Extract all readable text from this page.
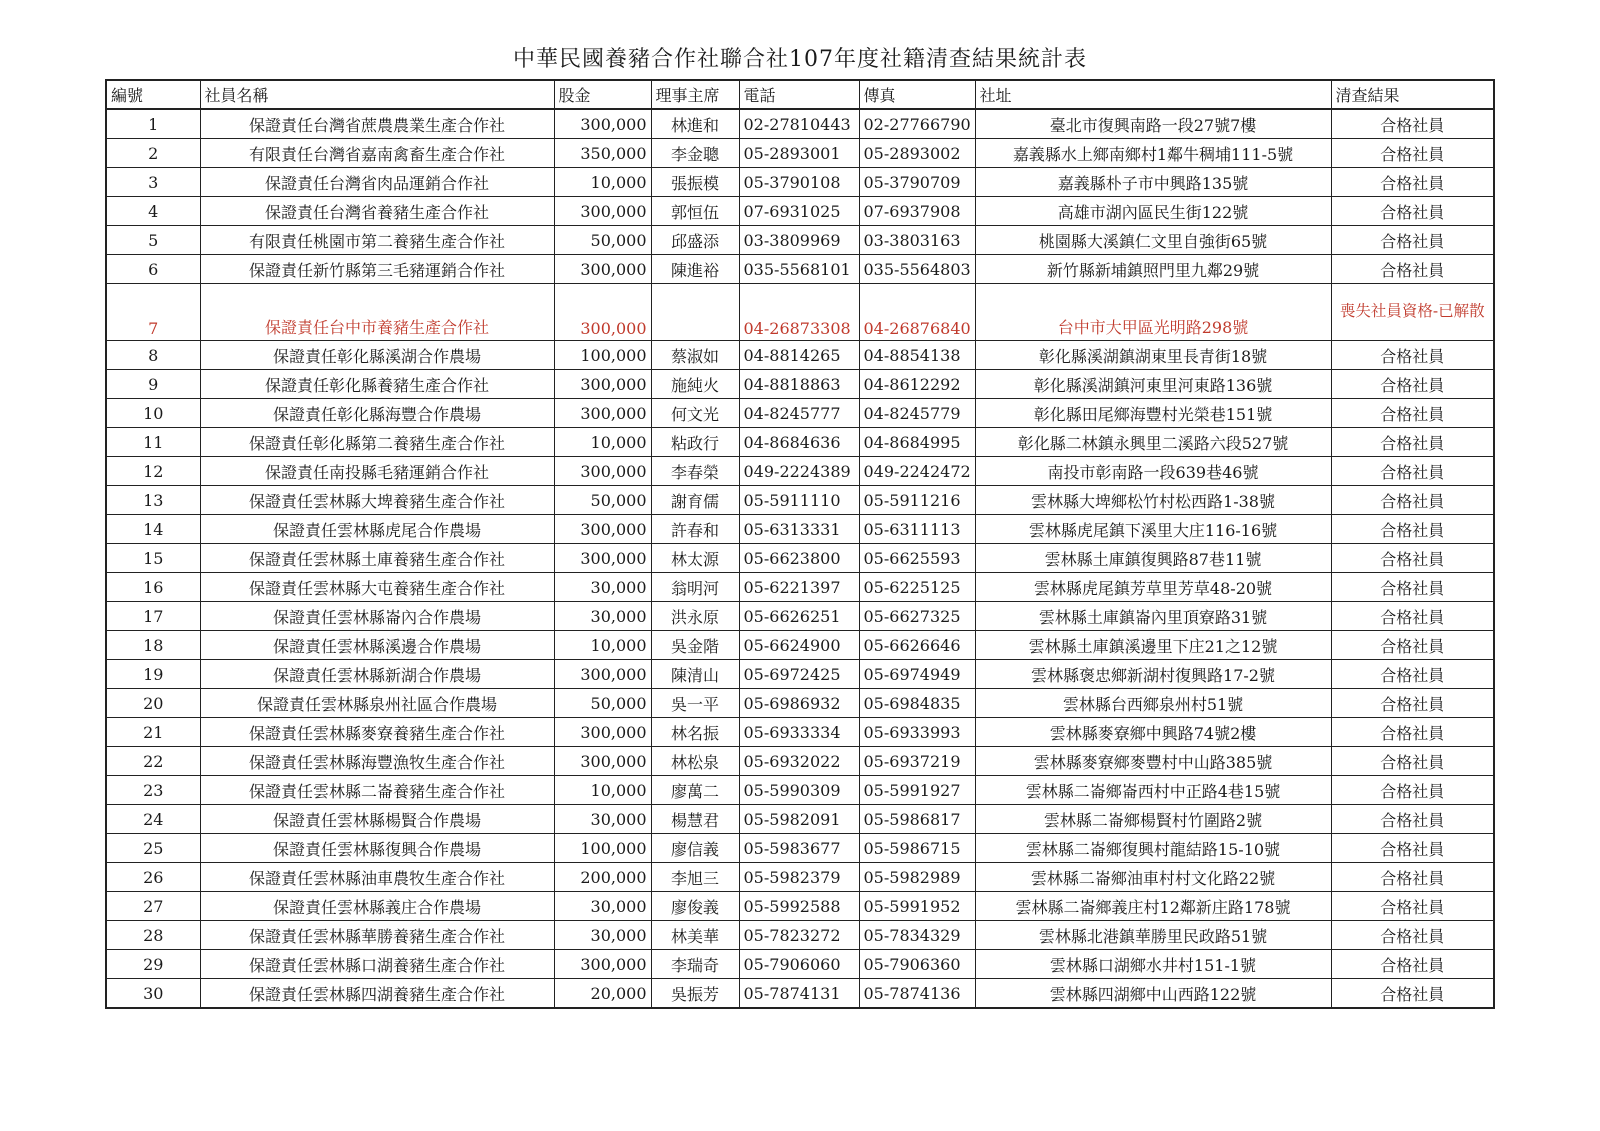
中華民國養豬合作社聯合社107年度社籍清查結果統計表
編號	社員名稱	股金	理事主席	電話	傳真	社址	清查結果
1	保證責任台灣省蔗農農業生產合作社	300,000	林進和	02-27810443	02-27766790	臺北市復興南路一段27號7樓	合格社員
2	有限責任台灣省嘉南禽畜生產合作社	350,000	李金聰	05-2893001	05-2893002	嘉義縣水上鄉南鄉村1鄰牛稠埔111-5號	合格社員
3	保證責任台灣省肉品運銷合作社	10,000	張振模	05-3790108	05-3790709	嘉義縣朴子市中興路135號	合格社員
4	保證責任台灣省養豬生產合作社	300,000	郭恒伍	07-6931025	07-6937908	高雄市湖內區民生街122號	合格社員
5	有限責任桃園市第二養豬生產合作社	50,000	邱盛添	03-3809969	03-3803163	桃園縣大溪鎮仁文里自強街65號	合格社員
6	保證責任新竹縣第三毛豬運銷合作社	300,000	陳進裕	035-5568101	035-5564803	新竹縣新埔鎮照門里九鄰29號	合格社員
7	保證責任台中市養豬生產合作社	300,000		04-26873308	04-26876840	台中市大甲區光明路298號	喪失社員資格-已解散
8	保證責任彰化縣溪湖合作農場	100,000	蔡淑如	04-8814265	04-8854138	彰化縣溪湖鎮湖東里長青街18號	合格社員
9	保證責任彰化縣養豬生產合作社	300,000	施純火	04-8818863	04-8612292	彰化縣溪湖鎮河東里河東路136號	合格社員
10	保證責任彰化縣海豐合作農場	300,000	何文光	04-8245777	04-8245779	彰化縣田尾鄉海豐村光榮巷151號	合格社員
11	保證責任彰化縣第二養豬生產合作社	10,000	粘政行	04-8684636	04-8684995	彰化縣二林鎮永興里二溪路六段527號	合格社員
12	保證責任南投縣毛豬運銷合作社	300,000	李春榮	049-2224389	049-2242472	南投市彰南路一段639巷46號	合格社員
13	保證責任雲林縣大埤養豬生產合作社	50,000	謝育儒	05-5911110	05-5911216	雲林縣大埤鄉松竹村松西路1-38號	合格社員
14	保證責任雲林縣虎尾合作農場	300,000	許春和	05-6313331	05-6311113	雲林縣虎尾鎮下溪里大庄116-16號	合格社員
15	保證責任雲林縣土庫養豬生產合作社	300,000	林太源	05-6623800	05-6625593	雲林縣土庫鎮復興路87巷11號	合格社員
16	保證責任雲林縣大屯養豬生產合作社	30,000	翁明河	05-6221397	05-6225125	雲林縣虎尾鎮芳草里芳草48-20號	合格社員
17	保證責任雲林縣崙內合作農場	30,000	洪永原	05-6626251	05-6627325	雲林縣土庫鎮崙內里頂寮路31號	合格社員
18	保證責任雲林縣溪邊合作農場	10,000	吳金階	05-6624900	05-6626646	雲林縣土庫鎮溪邊里下庄21之12號	合格社員
19	保證責任雲林縣新湖合作農場	300,000	陳清山	05-6972425	05-6974949	雲林縣褒忠鄉新湖村復興路17-2號	合格社員
20	保證責任雲林縣泉州社區合作農場	50,000	吳一平	05-6986932	05-6984835	雲林縣台西鄉泉州村51號	合格社員
21	保證責任雲林縣麥寮養豬生產合作社	300,000	林名振	05-6933334	05-6933993	雲林縣麥寮鄉中興路74號2樓	合格社員
22	保證責任雲林縣海豐漁牧生產合作社	300,000	林松泉	05-6932022	05-6937219	雲林縣麥寮鄉麥豐村中山路385號	合格社員
23	保證責任雲林縣二崙養豬生產合作社	10,000	廖萬二	05-5990309	05-5991927	雲林縣二崙鄉崙西村中正路4巷15號	合格社員
24	保證責任雲林縣楊賢合作農場	30,000	楊慧君	05-5982091	05-5986817	雲林縣二崙鄉楊賢村竹圍路2號	合格社員
25	保證責任雲林縣復興合作農場	100,000	廖信義	05-5983677	05-5986715	雲林縣二崙鄉復興村龍結路15-10號	合格社員
26	保證責任雲林縣油車農牧生產合作社	200,000	李旭三	05-5982379	05-5982989	雲林縣二崙鄉油車村村文化路22號	合格社員
27	保證責任雲林縣義庄合作農場	30,000	廖俊義	05-5992588	05-5991952	雲林縣二崙鄉義庄村12鄰新庄路178號	合格社員
28	保證責任雲林縣華勝養豬生產合作社	30,000	林美華	05-7823272	05-7834329	雲林縣北港鎮華勝里民政路51號	合格社員
29	保證責任雲林縣口湖養豬生產合作社	300,000	李瑞奇	05-7906060	05-7906360	雲林縣口湖鄉水井村151-1號	合格社員
30	保證責任雲林縣四湖養豬生產合作社	20,000	吳振芳	05-7874131	05-7874136	雲林縣四湖鄉中山西路122號	合格社員
